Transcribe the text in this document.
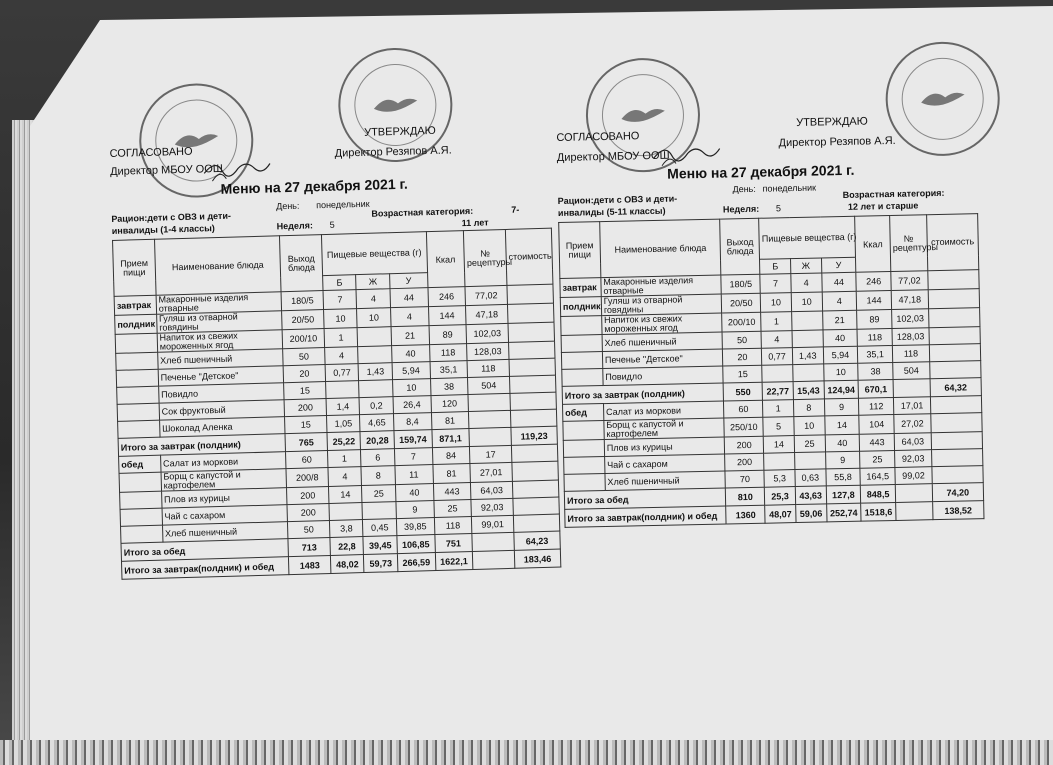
СОГЛАСОВАНО
Директор МБОУ ООШ
УТВЕРЖДАЮ
Директор Резяпов А.Я.
Меню на 27 декабря 2021 г.
День: понедельник
Рацион:дети с ОВЗ и дети-
инвалиды (1-4 классы)	Неделя: 5
Возрастная категория:	7-
11 лет
Прием пищи	Наименование блюда	Выход блюда	Пищевые вещества (г)			Ккал	№ рецептуры	стоимость
			Б	Ж	У			
завтрак	Макаронные изделия отварные	180/5	7	4	44	246	77,02	
полдник	Гуляш из отварной говядины	20/50	10	10	4	144	47,18	
	Напиток из свежих мороженных ягод	200/10	1		21	89	102,03	
	Хлеб пшеничный	50	4		40	118	128,03	
	Печенье "Детское"	20	0,77	1,43	5,94	35,1	118	
	Повидло	15			10	38	504	
	Сок фруктовый	200	1,4	0,2	26,4	120		
	Шоколад Аленка	15	1,05	4,65	8,4	81		
Итого за завтрак (полдник)		765	25,22	20,28	159,74	871,1		119,23
обед	Салат из моркови	60	1	6	7	84	17	
	Борщ с капустой и картофелем	200/8	4	8	11	81	27,01	
	Плов из курицы	200	14	25	40	443	64,03	
	Чай с сахаром	200			9	25	92,03	
	Хлеб пшеничный	50	3,8	0,45	39,85	118	99,01	
Итого за обед		713	22,8	39,45	106,85	751		64,23
Итого за завтрак(полдник) и обед		1483	48,02	59,73	266,59	1622,1		183,46
СОГЛАСОВАНО
Директор МБОУ ООШ
УТВЕРЖДАЮ
Директор Резяпов А.Я.
Меню на 27 декабря 2021 г.
День: понедельник
Рацион:дети с ОВЗ и дети-
инвалиды (5-11 классы)	Неделя: 5
Возрастная категория:
12 лет и старше
Прием пищи	Наименование блюда	Выход блюда	Пищевые вещества (г)			Ккал	№ рецептуры	стоимость
			Б	Ж	У			
завтрак	Макаронные изделия отварные	180/5	7	4	44	246	77,02	
полдник	Гуляш из отварной говядины	20/50	10	10	4	144	47,18	
	Напиток из свежих мороженных ягод	200/10	1		21	89	102,03	
	Хлеб пшеничный	50	4		40	118	128,03	
	Печенье "Детское"	20	0,77	1,43	5,94	35,1	118	
	Повидло	15			10	38	504	
Итого за завтрак (полдник)		550	22,77	15,43	124,94	670,1		64,32
обед	Салат из моркови	60	1	8	9	112	17,01	
	Борщ с капустой и картофелем	250/10	5	10	14	104	27,02	
	Плов из курицы	200	14	25	40	443	64,03	
	Чай с сахаром	200			9	25	92,03	
	Хлеб пшеничный	70	5,3	0,63	55,8	164,5	99,02	
Итого за обед		810	25,3	43,63	127,8	848,5		74,20
Итого за завтрак(полдник) и обед		1360	48,07	59,06	252,74	1518,6		138,52
